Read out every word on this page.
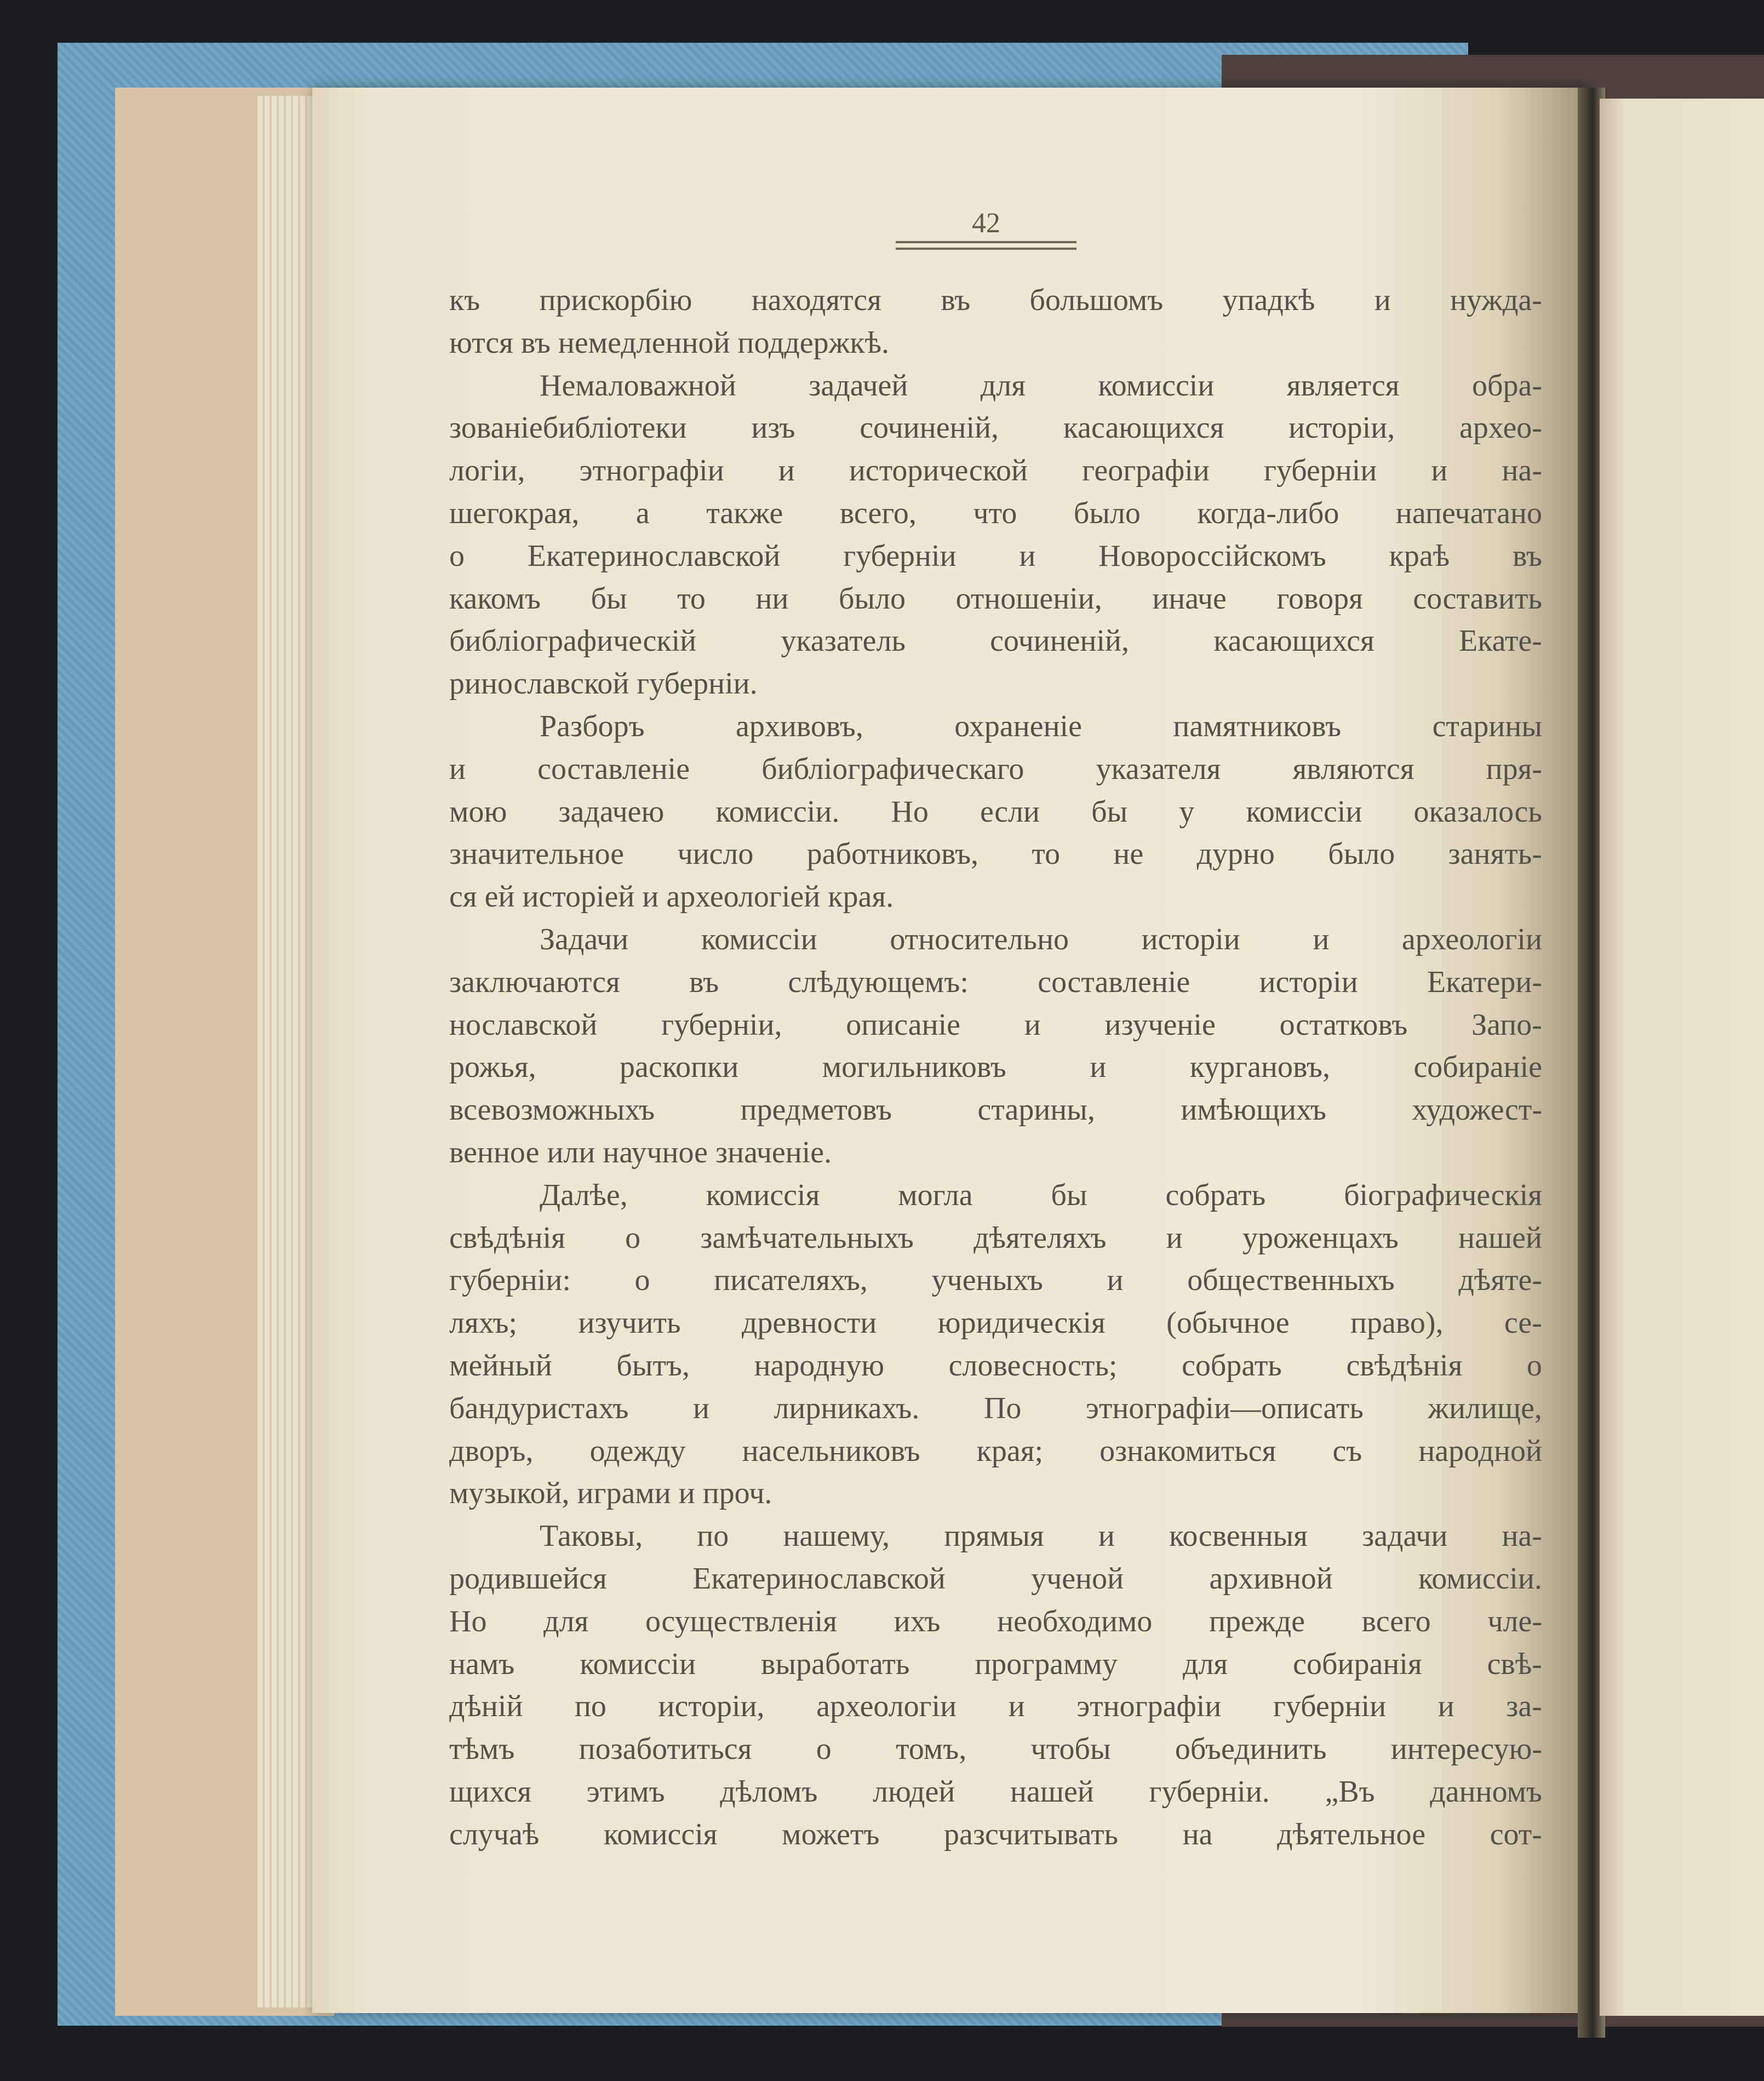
42
къ прискорбію находятся въ большомъ упадкѣ и нужда-
ются въ немедленной поддержкѣ.
Немаловажной задачей для комиссіи является обра-
зованіебибліотеки изъ сочиненій, касающихся исторіи, архео-
логіи, этнографіи и исторической географіи губерніи и на-
шегокрая, а также всего, что было когда-либо напечатано
о Екатеринославской губерніи и Новороссійскомъ краѣ въ
какомъ бы то ни было отношеніи, иначе говоря составить
библіографическій	указатель	сочиненій,	касающихся	Екате-
ринославской губерніи.
Разборъ	архивовъ,	охраненіе	памятниковъ	старины
и составленіе библіографическаго указателя являются пря-
мою задачею комиссіи. Но если бы у комиссіи оказалось
значительное число работниковъ, то не дурно было занять-
ся ей исторіей и археологіей края.
Задачи комиссіи относительно исторіи и археологіи
заключаются въ слѣдующемъ: составленіе исторіи Екатери-
нославской губерніи, описаніе и изученіе остатковъ Запо-
рожья,	раскопки	могильниковъ	и	кургановъ,	собираніе
всевозможныхъ	предметовъ	старины,	имѣющихъ	художест-
венное или научное значеніе.
Далѣе,	комиссія	могла	бы	собрать	біографическія
свѣдѣнія о замѣчательныхъ дѣятеляхъ и уроженцахъ нашей
губерніи: о писателяхъ, ученыхъ и общественныхъ дѣяте-
ляхъ; изучить древности юридическія (обычное право), се-
мейный бытъ, народную словесность; собрать свѣдѣнія о
бандуристахъ и лирникахъ. По этнографіи—описать жилище,
дворъ, одежду насельниковъ края; ознакомиться съ народной
музыкой, играми и проч.
Таковы, по нашему, прямыя и косвенныя задачи на-
родившейся	Екатеринославской	ученой	архивной	комиссіи.
Но для осуществленія ихъ необходимо прежде всего чле-
намъ комиссіи выработать программу для собиранія свѣ-
дѣній по исторіи, археологіи и этнографіи губерніи и за-
тѣмъ позаботиться о томъ, чтобы объединить интересую-
щихся этимъ дѣломъ людей нашей губерніи. „Въ данномъ
случаѣ комиссія можетъ разсчитывать на дѣятельное сот-
